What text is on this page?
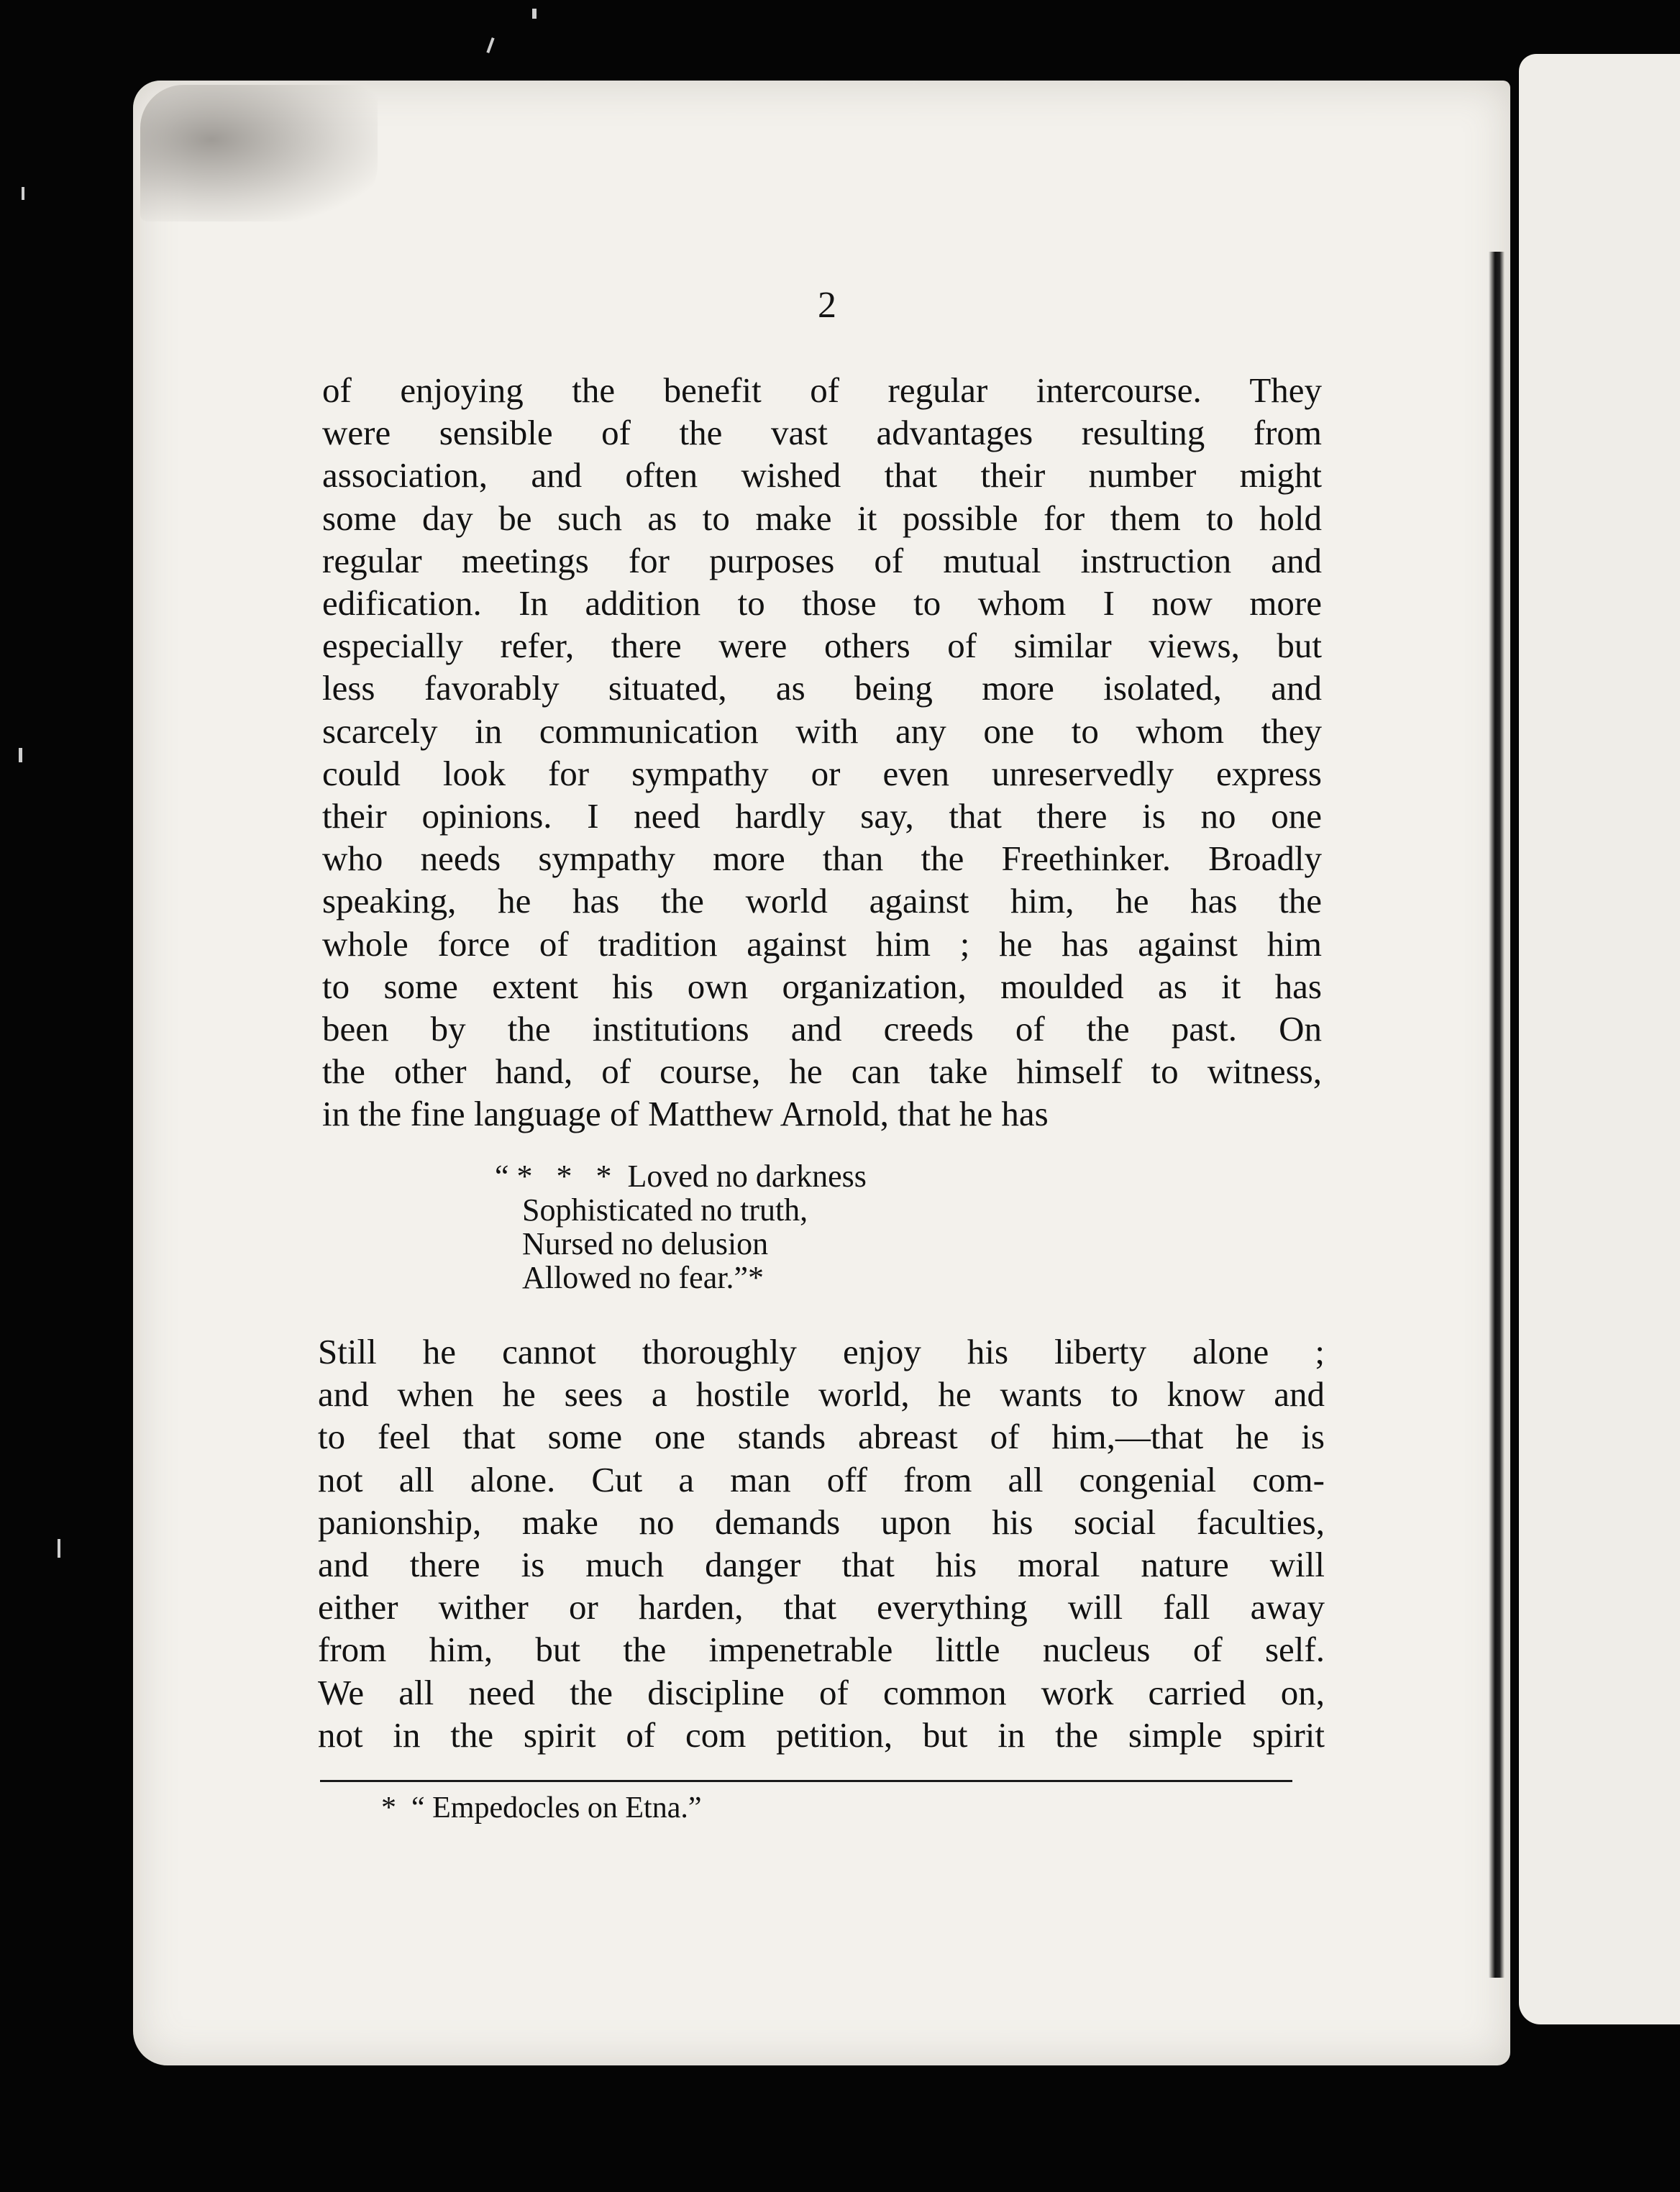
2
of enjoying the benefit of regular intercourse. They
were sensible of the vast advantages resulting from
association, and often wished that their number might
some day be such as to make it possible for them to hold
regular meetings for purposes of mutual instruction and
edification. In addition to those to whom I now more
especially refer, there were others of similar views, but
less favorably situated, as being more isolated, and
scarcely in communication with any one to whom they
could look for sympathy or even unreservedly express
their opinions. I need hardly say, that there is no one
who needs sympathy more than the Freethinker. Broadly
speaking, he has the world against him, he has the
whole force of tradition against him ; he has against him
to some extent his own organization, moulded as it has
been by the institutions and creeds of the past. On
the other hand, of course, he can take himself to witness,
in the fine language of Matthew Arnold, that he has
“ *   *   *  Loved no darkness
Sophisticated no truth,
Nursed no delusion
Allowed no fear.”*
Still he cannot thoroughly enjoy his liberty alone ;
and when he sees a hostile world, he wants to know and
to feel that some one stands abreast of him,—that he is
not all alone. Cut a man off from all congenial com-
panionship, make no demands upon his social faculties,
and there is much danger that his moral nature will
either wither or harden, that everything will fall away
from him, but the impenetrable little nucleus of self.
We all need the discipline of common work carried on,
not in the spirit of com petition, but in the simple spirit
*  “ Empedocles on Etna.”
